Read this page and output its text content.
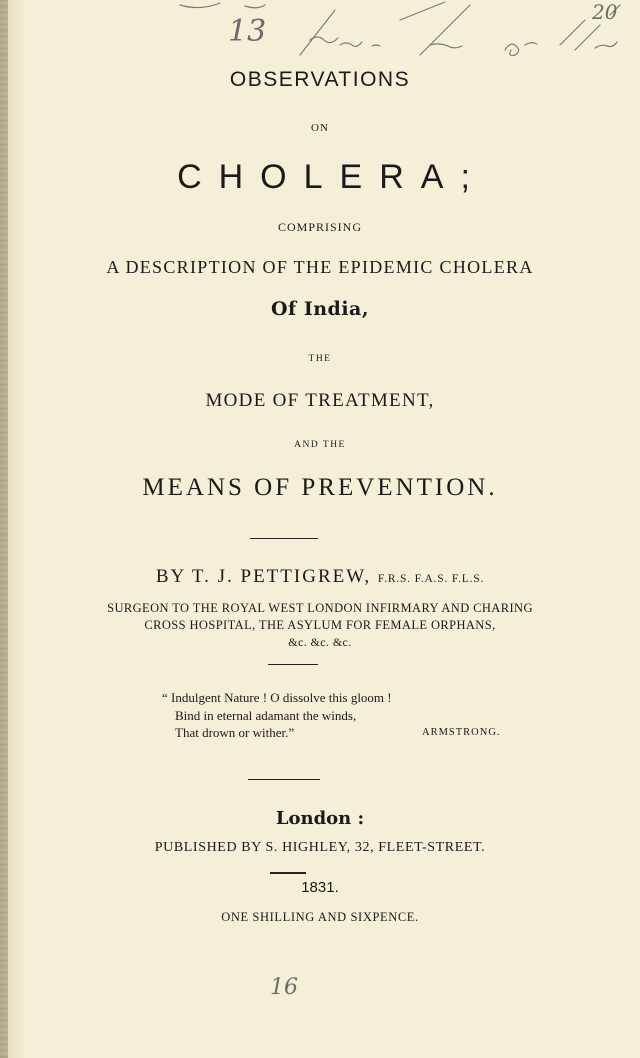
13
20
OBSERVATIONS
ON
CHOLERA;
COMPRISING
A DESCRIPTION OF THE EPIDEMIC CHOLERA
Of India,
THE
MODE OF TREATMENT,
AND THE
MEANS OF PREVENTION.
BY T. J. PETTIGREW, F.R.S. F.A.S. F.L.S.
SURGEON TO THE ROYAL WEST LONDON INFIRMARY AND CHARING
CROSS HOSPITAL, THE ASYLUM FOR FEMALE ORPHANS,
&c. &c. &c.
“ Indulgent Nature ! O dissolve this gloom !
Bind in eternal adamant the winds,
That drown or wither.”	ARMSTRONG.
London :
PUBLISHED BY S. HIGHLEY, 32, FLEET-STREET.
1831.
ONE SHILLING AND SIXPENCE.
16
